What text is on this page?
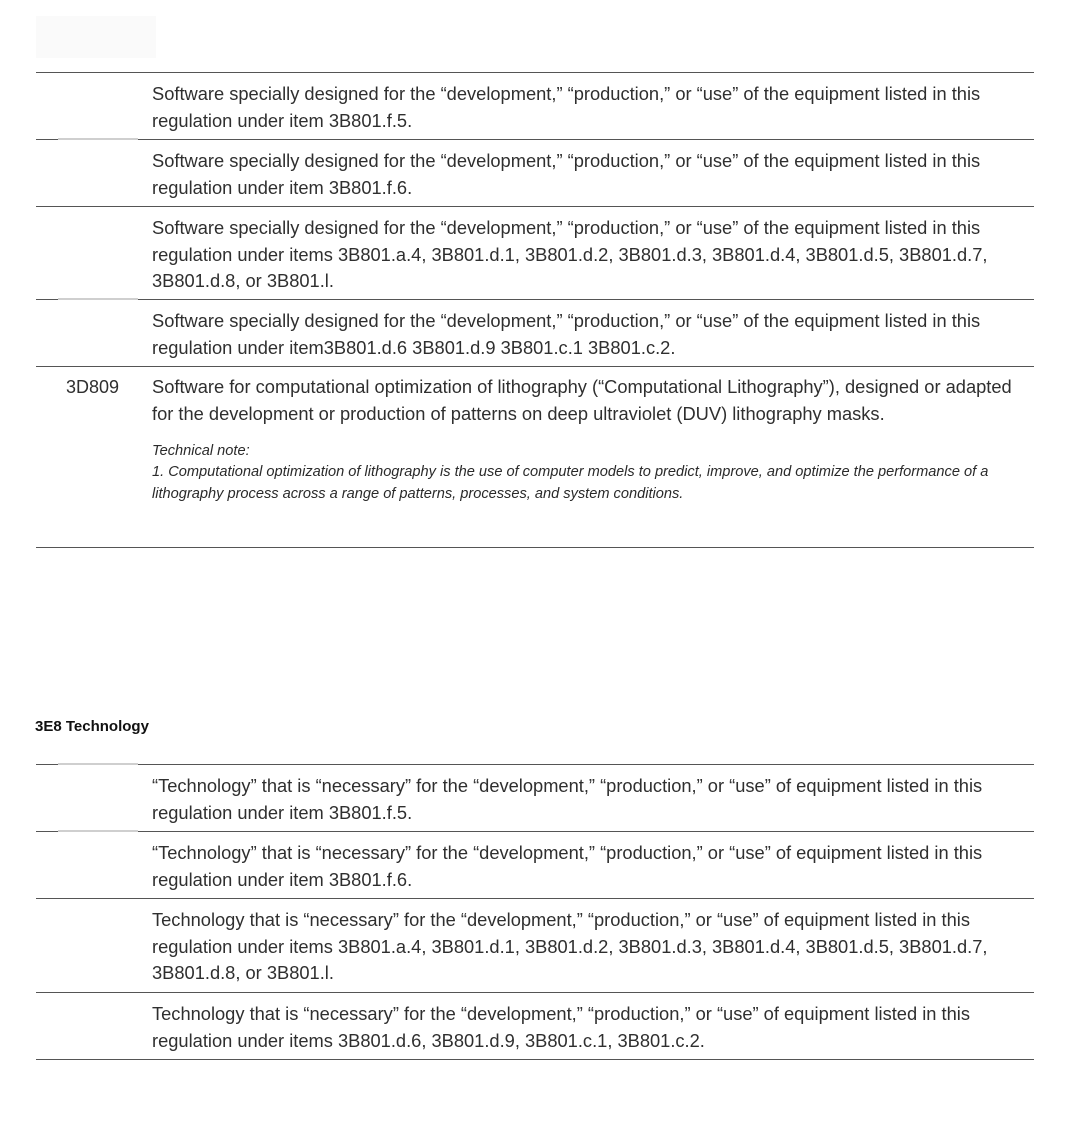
Software specially designed for the “development,” “production,” or “use” of the equipment listed in this regulation under item 3B801.f.5.
Software specially designed for the “development,” “production,” or “use” of the equipment listed in this regulation under item 3B801.f.6.
Software specially designed for the “development,” “production,” or “use” of the equipment listed in this regulation under items 3B801.a.4, 3B801.d.1, 3B801.d.2, 3B801.d.3, 3B801.d.4, 3B801.d.5, 3B801.d.7, 3B801.d.8, or 3B801.l.
Software specially designed for the “development,” “production,” or “use” of the equipment listed in this regulation under item3B801.d.6 3B801.d.9 3B801.c.1 3B801.c.2.
3D809	Software for computational optimization of lithography (“Computational Lithography”), designed or adapted for the development or production of patterns on deep ultraviolet (DUV) lithography masks.
Technical note:
1. Computational optimization of lithography is the use of computer models to predict, improve, and optimize the performance of a lithography process across a range of patterns, processes, and system conditions.
3E8 Technology
“Technology” that is “necessary” for the “development,” “production,” or “use” of equipment listed in this regulation under item 3B801.f.5.
“Technology” that is “necessary” for the “development,” “production,” or “use” of equipment listed in this regulation under item 3B801.f.6.
Technology that is “necessary” for the “development,” “production,” or “use” of equipment listed in this regulation under items 3B801.a.4, 3B801.d.1, 3B801.d.2, 3B801.d.3, 3B801.d.4, 3B801.d.5, 3B801.d.7, 3B801.d.8, or 3B801.l.
Technology that is “necessary” for the “development,” “production,” or “use” of equipment listed in this regulation under items 3B801.d.6, 3B801.d.9, 3B801.c.1, 3B801.c.2.
